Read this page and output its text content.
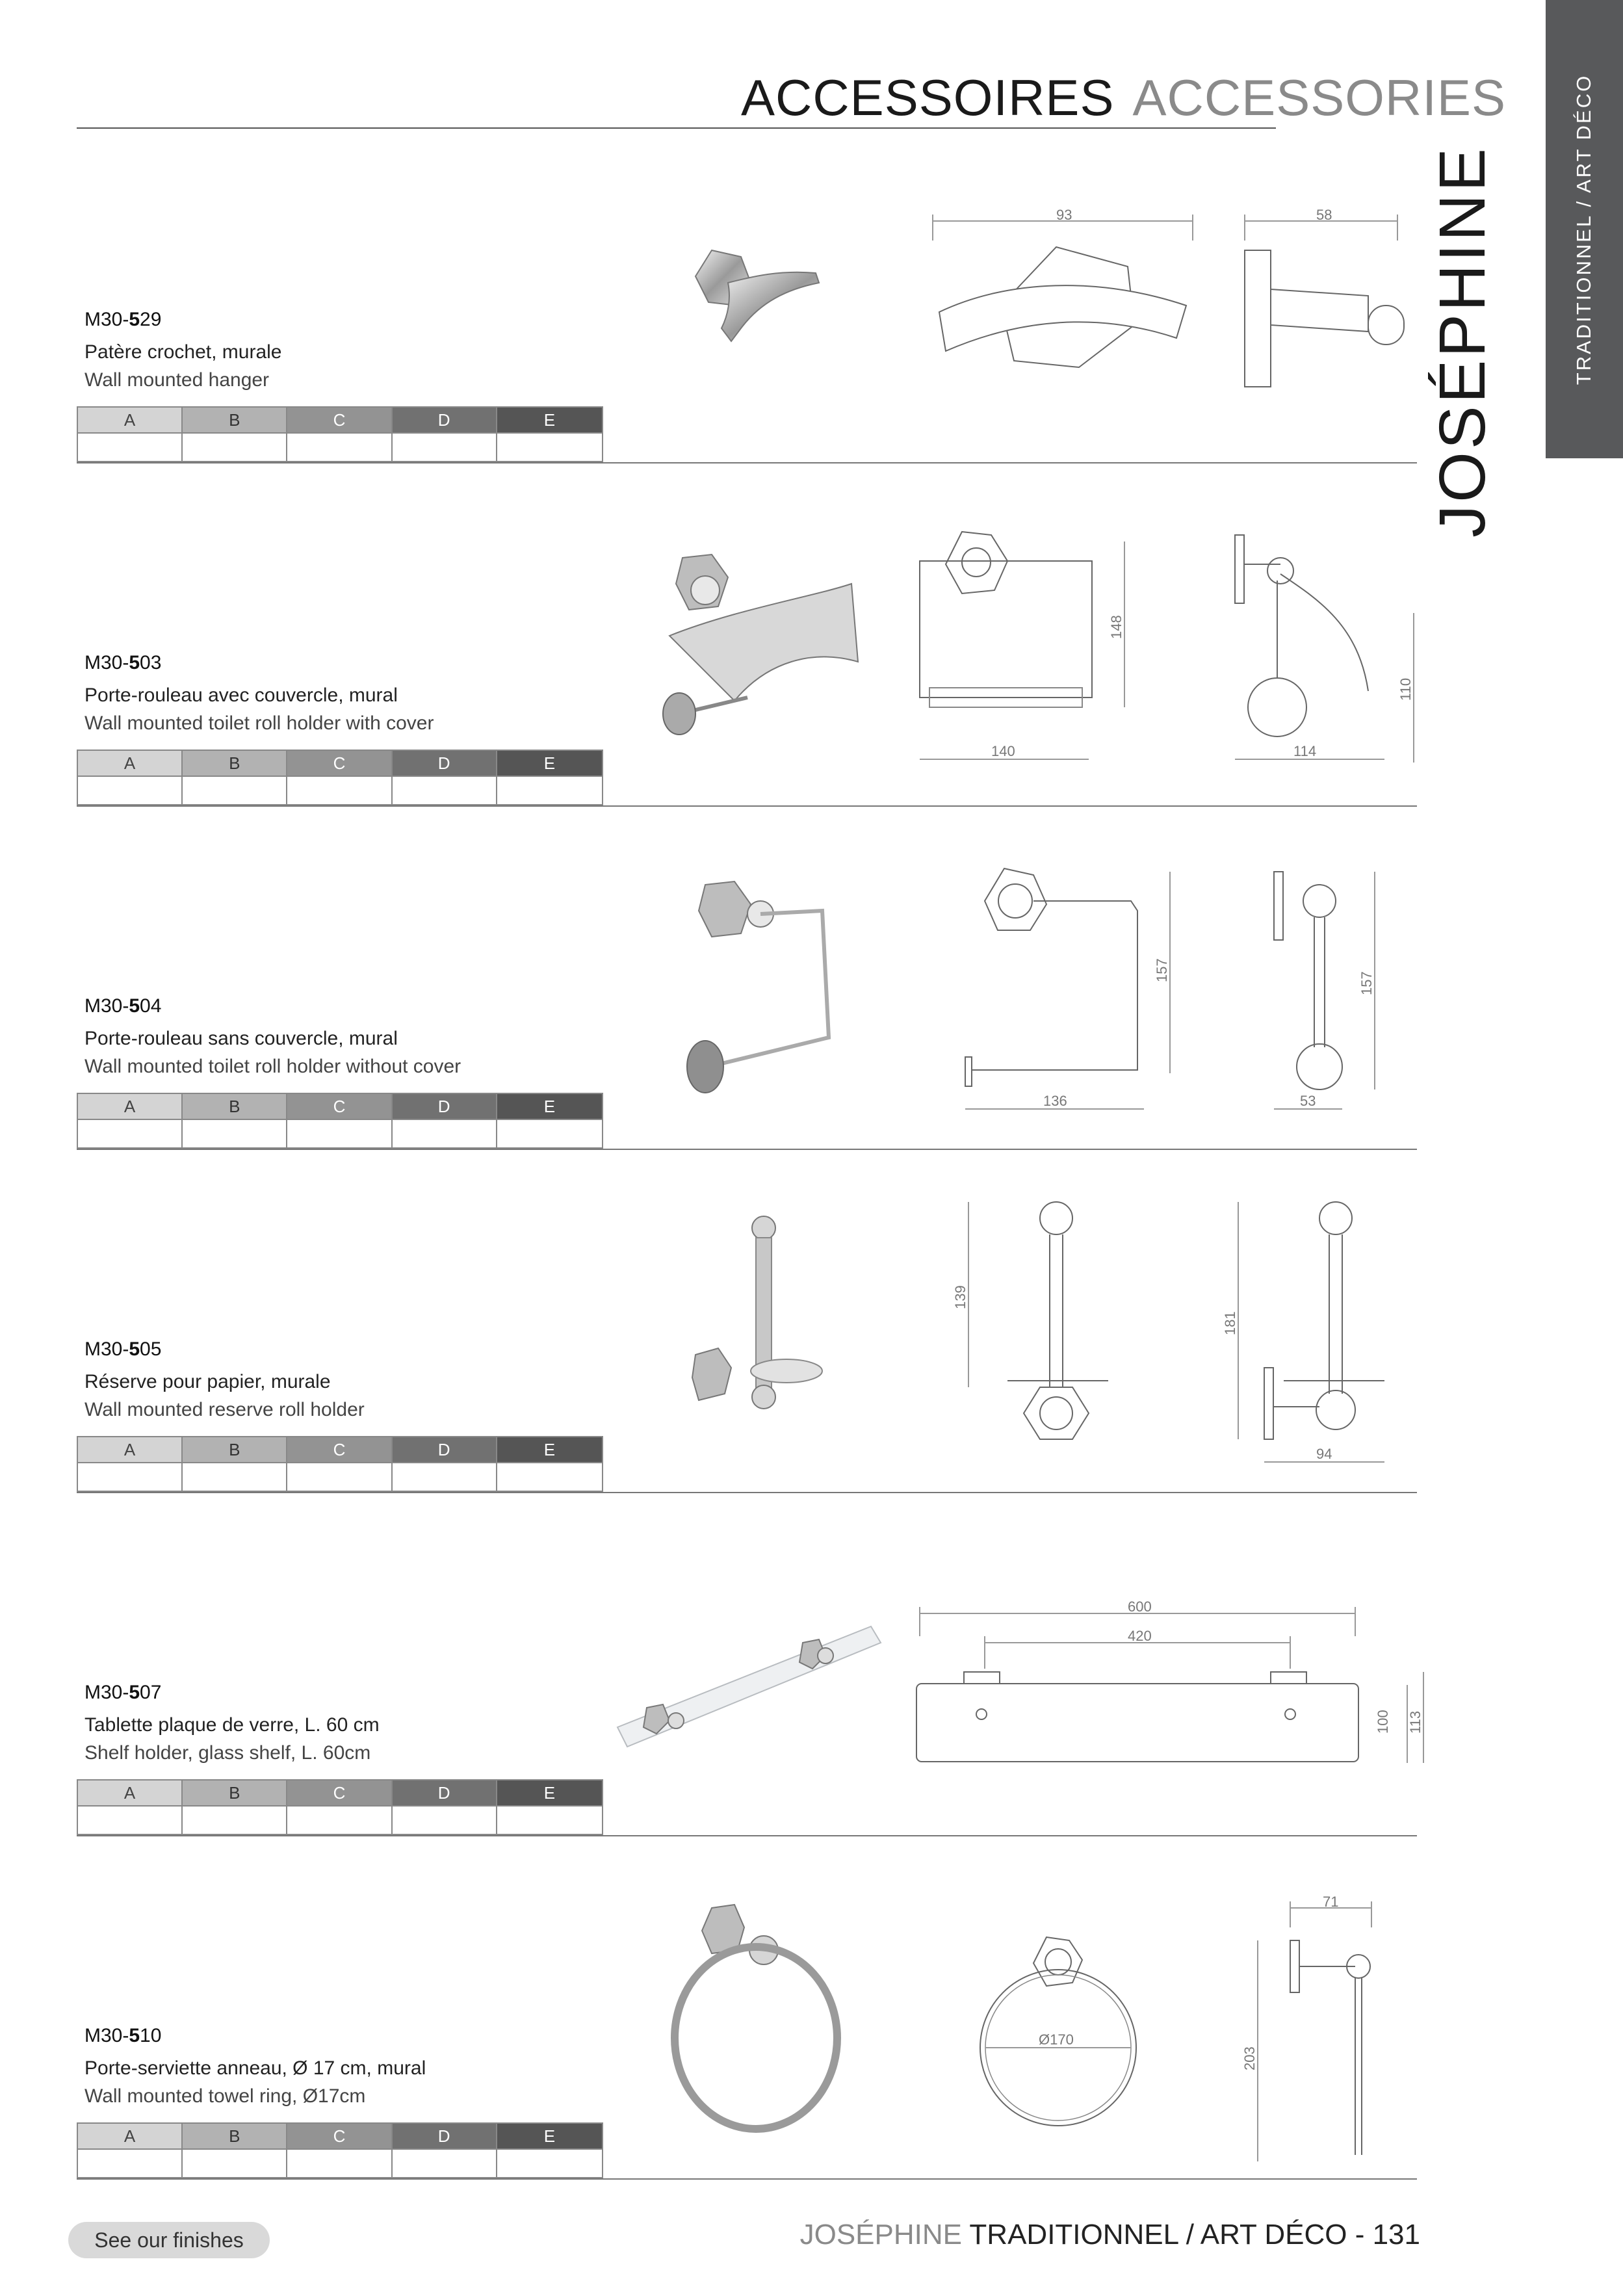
ACCESSOIRES ACCESSORIES	TRADITIONNEL / ART DÉCO
JOSÉPHINE
M30-529
Patère crochet, murale
Wall mounted hanger
A	B	C	D	E
93	58
M30-503
Porte-rouleau avec couvercle, mural
Wall mounted toilet roll holder with cover
A	B	C	D	E
148
140
110
114
M30-504
Porte-rouleau sans couvercle, mural
Wall mounted toilet roll holder without cover
A	B	C	D	E
157
136
157
53
M30-505
Réserve pour papier, murale
Wall mounted reserve roll holder
A	B	C	D	E
139
181
94
M30-507
Tablette plaque de verre, L. 60 cm
Shelf holder, glass shelf, L. 60cm
A	B	C	D	E
600
420
100 113
M30-510
Porte-serviette anneau, Ø 17 cm, mural
Wall mounted towel ring, Ø17cm
A	B	C	D	E
Ø170
71
203
See our finishes	JOSÉPHINE TRADITIONNEL / ART DÉCO - 131
